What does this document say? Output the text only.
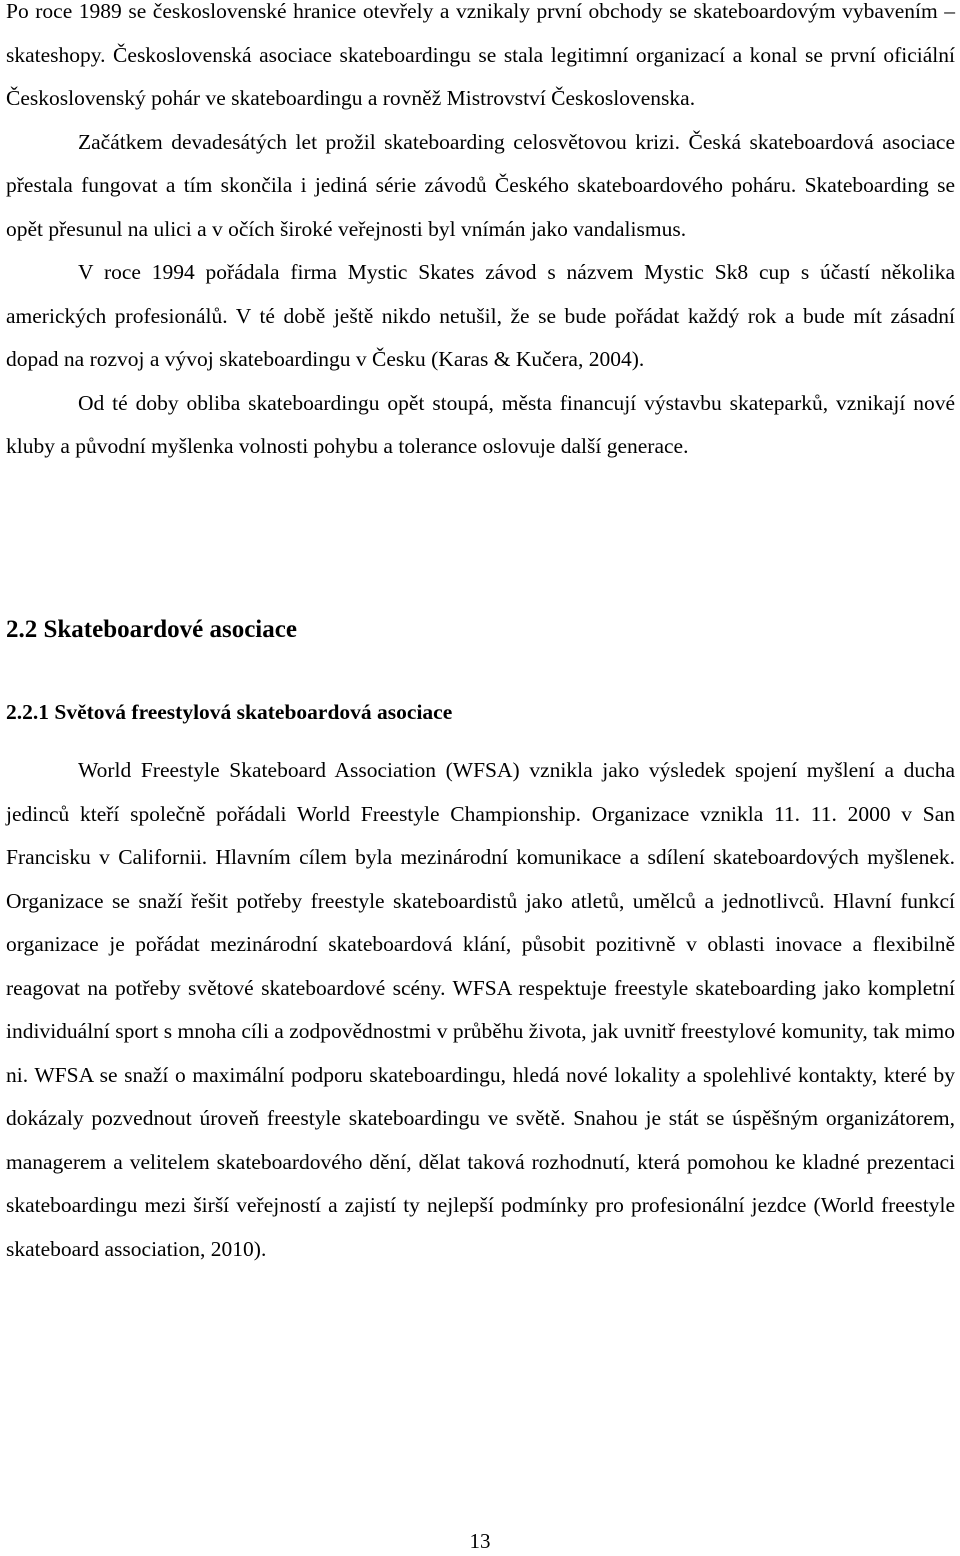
Po roce 1989 se československé hranice otevřely a vznikaly první obchody se skateboardovým vybavením – skateshopy. Československá asociace skateboardingu se stala legitimní organizací a konal se první oficiální Československý pohár ve skateboardingu a rovněž Mistrovství Československa.

Začátkem devadesátých let prožil skateboarding celosvětovou krizi. Česká skateboardová asociace přestala fungovat a tím skončila i jediná série závodů Českého skateboardového poháru. Skateboarding se opět přesunul na ulici a v očích široké veřejnosti byl vnímán jako vandalismus.

V roce 1994 pořádala firma Mystic Skates závod s názvem Mystic Sk8 cup s účastí několika amerických profesionálů. V té době ještě nikdo netušil, že se bude pořádat každý rok a bude mít zásadní dopad na rozvoj a vývoj skateboardingu v Česku (Karas & Kučera, 2004).

Od té doby obliba skateboardingu opět stoupá, města financují výstavbu skateparků, vznikají nové kluby a původní myšlenka volnosti pohybu a tolerance oslovuje další generace.

2.2 Skateboardové asociace
2.2.1 Světová freestylová skateboardová asociace

World Freestyle Skateboard Association (WFSA) vznikla jako výsledek spojení myšlení a ducha jedinců kteří společně pořádali World Freestyle Championship. Organizace vznikla 11. 11. 2000 v San Francisku v Californii. Hlavním cílem byla mezinárodní komunikace a sdílení skateboardových myšlenek. Organizace se snaží řešit potřeby freestyle skateboardistů jako atletů, umělců a jednotlivců. Hlavní funkcí organizace je pořádat mezinárodní skateboardová klání, působit pozitivně v oblasti inovace a flexibilně reagovat na potřeby světové skateboardové scény. WFSA respektuje freestyle skateboarding jako kompletní individuální sport s mnoha cíli a zodpovědnostmi v průběhu života, jak uvnitř freestylové komunity, tak mimo ni. WFSA se snaží o maximální podporu skateboardingu, hledá nové lokality a spolehlivé kontakty, které by dokázaly pozvednout úroveň freestyle skateboardingu ve světě. Snahou je stát se úspěšným organizátorem, managerem a velitelem skateboardového dění, dělat taková rozhodnutí, která pomohou ke kladné prezentaci skateboardingu mezi širší veřejností a zajistí ty nejlepší podmínky pro profesionální jezdce (World freestyle skateboard association, 2010).

13
